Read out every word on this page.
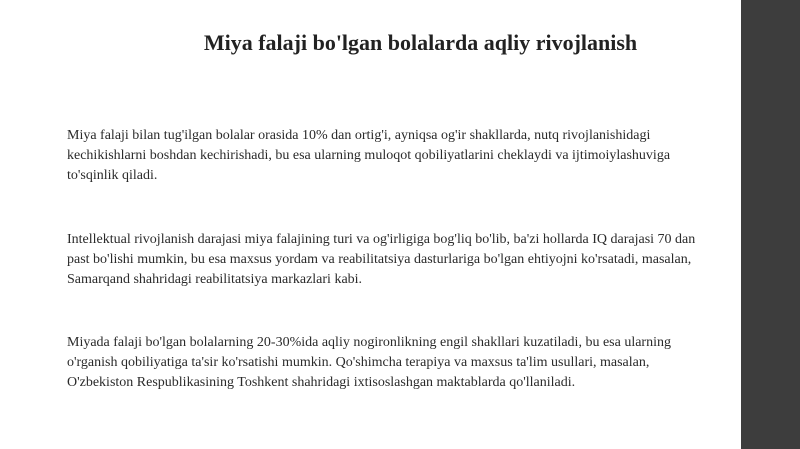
Miya falaji bo'lgan bolalarda aqliy rivojlanish
Miya falaji bilan tug'ilgan bolalar orasida 10% dan ortig'i, ayniqsa og'ir shakllarda, nutq rivojlanishidagi
kechikishlarni boshdan kechirishadi, bu esa ularning muloqot qobiliyatlarini cheklaydi va ijtimoiylashuviga
to'sqinlik qiladi.
Intellektual rivojlanish darajasi miya falajining turi va og'irligiga bog'liq bo'lib, ba'zi hollarda IQ darajasi 70 dan
past bo'lishi mumkin, bu esa maxsus yordam va reabilitatsiya dasturlariga bo'lgan ehtiyojni ko'rsatadi, masalan,
Samarqand shahridagi reabilitatsiya markazlari kabi.
Miyada falaji bo'lgan bolalarning 20-30%ida aqliy nogironlikning engil shakllari kuzatiladi, bu esa ularning
o'rganish qobiliyatiga ta'sir ko'rsatishi mumkin. Qo'shimcha terapiya va maxsus ta'lim usullari, masalan,
O'zbekiston Respublikasining Toshkent shahridagi ixtisoslashgan maktablarda qo'llaniladi.
